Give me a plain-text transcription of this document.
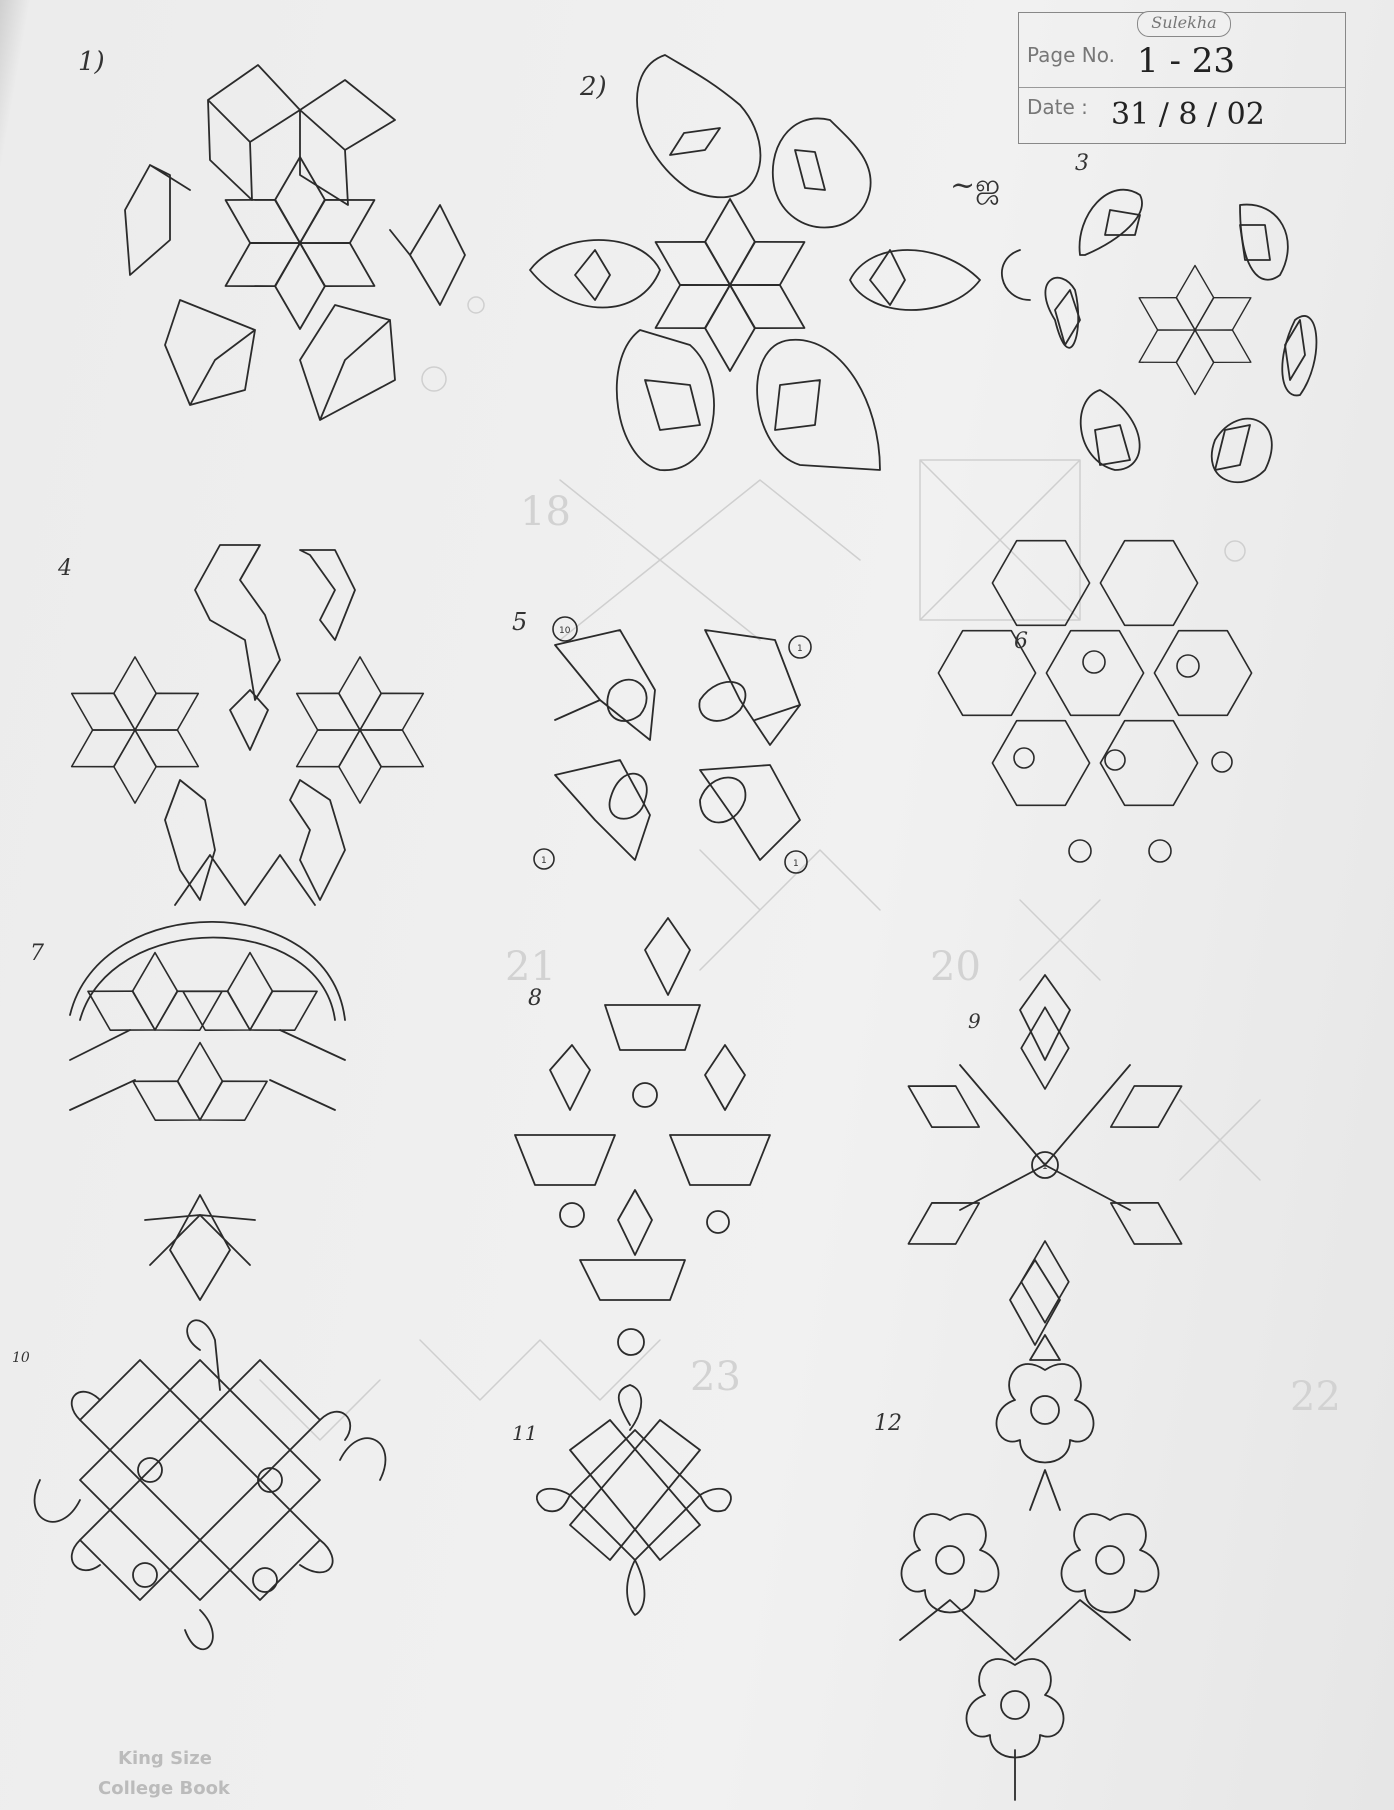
Sulekha
Page No. 1 - 23
Date : 31 / 8 / 02
1)
2)
3
4
5
6
7
8
9
10
11	12
10
1
1	1
1
18
20
21
22
23
~ஜ
King Size
College Book
